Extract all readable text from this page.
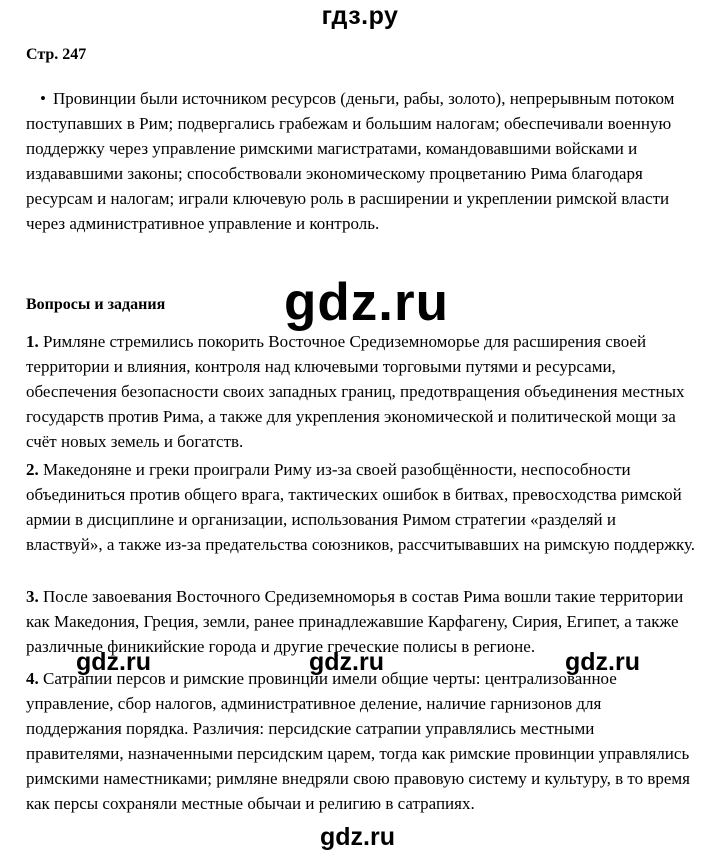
гдз.ру
Стр. 247
• Провинции были источником ресурсов (деньги, рабы, золото), непрерывным потоком поступавших в Рим; подвергались грабежам и большим налогам; обеспечивали военную поддержку через управление римскими магистратами, командовавшими войсками и издававшими законы; способствовали экономическому процветанию Рима благодаря ресурсам и налогам; играли ключевую роль в расширении и укреплении римской власти через административное управление и контроль.
Вопросы и задания gdz.ru
1. Римляне стремились покорить Восточное Средиземноморье для расширения своей территории и влияния, контроля над ключевыми торговыми путями и ресурсами, обеспечения безопасности своих западных границ, предотвращения объединения местных государств против Рима, а также для укрепления экономической и политической мощи за счёт новых земель и богатств.
2. Македоняне и греки проиграли Риму из-за своей разобщённости, неспособности объединиться против общего врага, тактических ошибок в битвах, превосходства римской армии в дисциплине и организации, использования Римом стратегии «разделяй и властвуй», а также из-за предательства союзников, рассчитывавших на римскую поддержку.
3. После завоевания Восточного Средиземноморья в состав Рима вошли такие территории как Македония, Греция, земли, ранее принадлежавшие Карфагену, Сирия, Египет, а также различные финикийские города и другие греческие полисы в регионе.
gdz.ru	gdz.ru	gdz.ru
4. Сатрапии персов и римские провинции имели общие черты: централизованное управление, сбор налогов, административное деление, наличие гарнизонов для поддержания порядка. Различия: персидские сатрапии управлялись местными правителями, назначенными персидским царем, тогда как римские провинции управлялись римскими наместниками; римляне внедряли свою правовую систему и культуру, в то время как персы сохраняли местные обычаи и религию в сатрапиях.
gdz.ru
